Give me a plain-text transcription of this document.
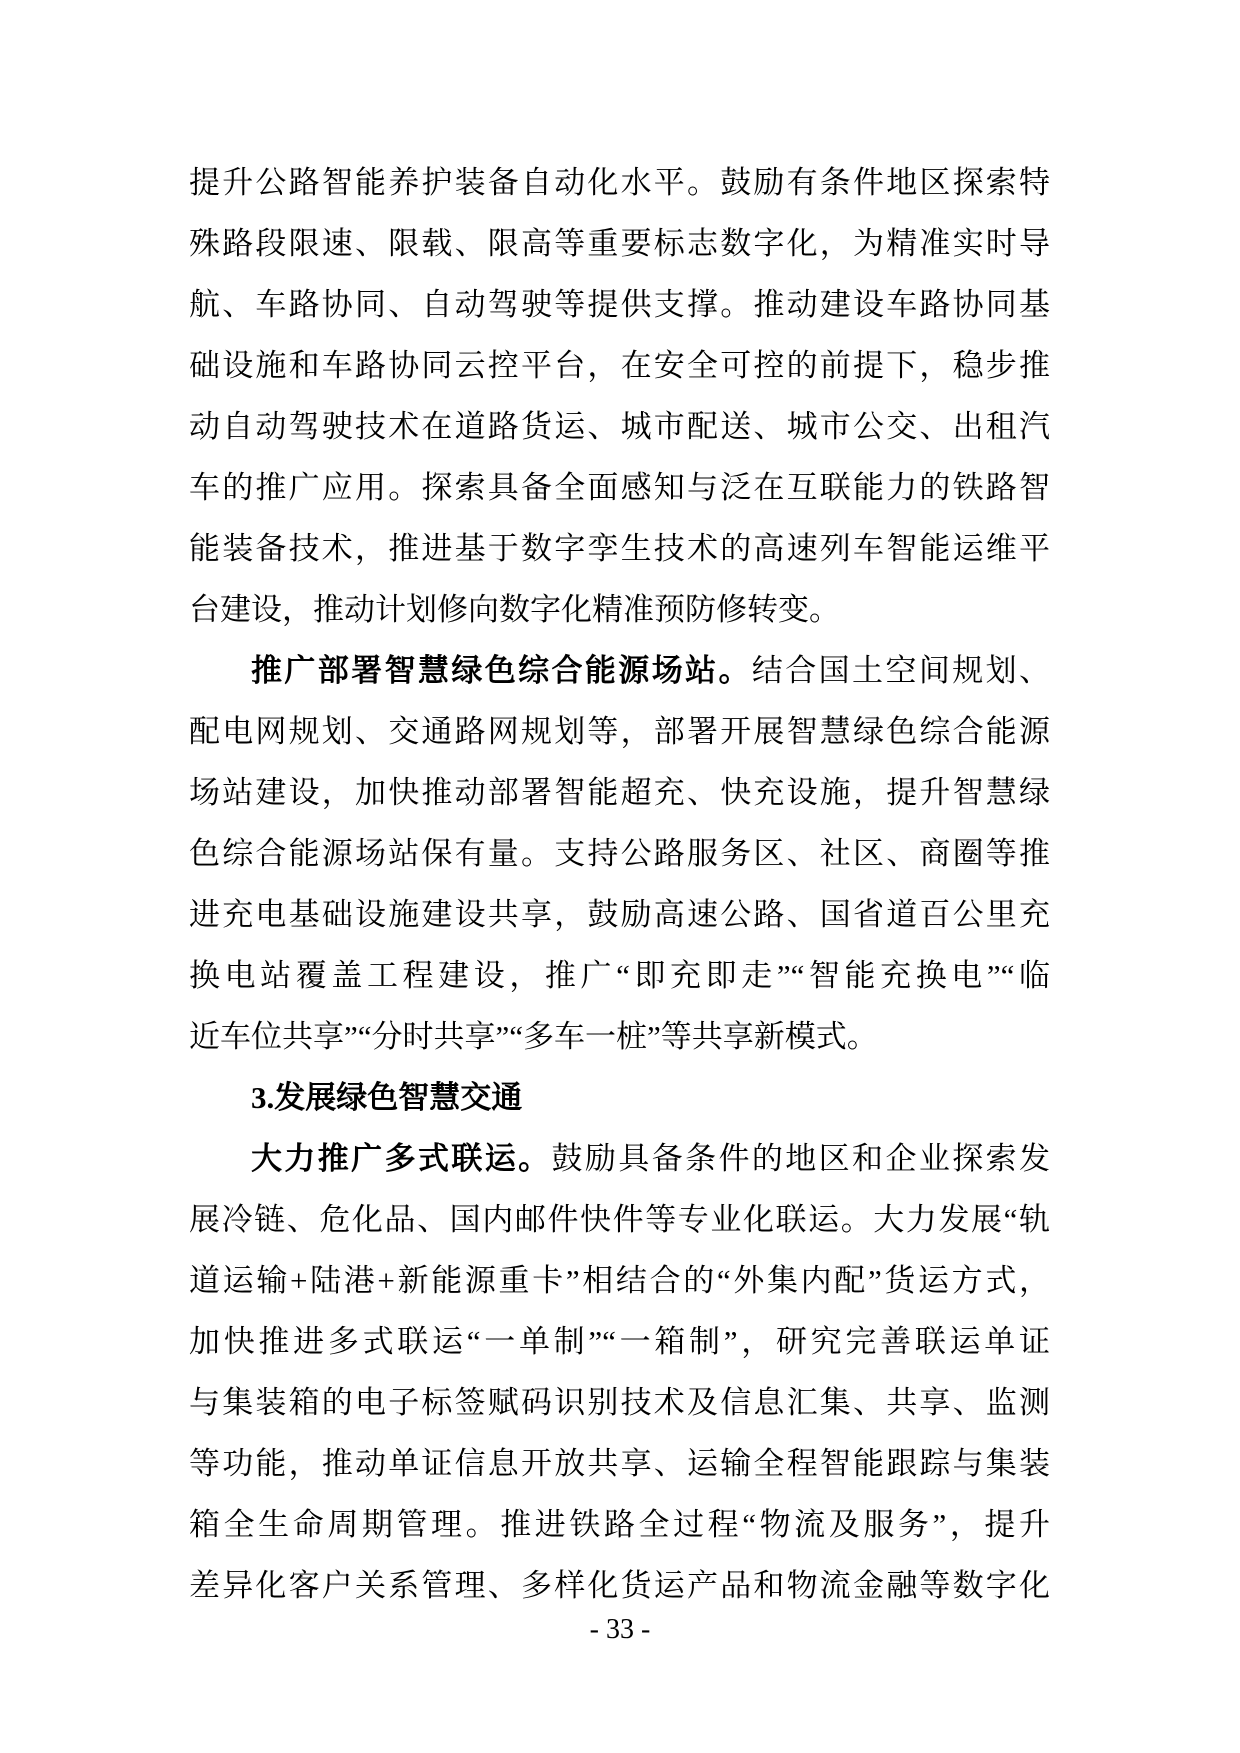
提升公路智能养护装备自动化水平。鼓励有条件地区探索特
殊路段限速、限载、限高等重要标志数字化，为精准实时导
航、车路协同、自动驾驶等提供支撑。推动建设车路协同基
础设施和车路协同云控平台，在安全可控的前提下，稳步推
动自动驾驶技术在道路货运、城市配送、城市公交、出租汽
车的推广应用。探索具备全面感知与泛在互联能力的铁路智
能装备技术，推进基于数字孪生技术的高速列车智能运维平
台建设，推动计划修向数字化精准预防修转变。
推广部署智慧绿色综合能源场站。结合国土空间规划、
配电网规划、交通路网规划等，部署开展智慧绿色综合能源
场站建设，加快推动部署智能超充、快充设施，提升智慧绿
色综合能源场站保有量。支持公路服务区、社区、商圈等推
进充电基础设施建设共享，鼓励高速公路、国省道百公里充
换电站覆盖工程建设，推广“即充即走”“智能充换电”“临
近车位共享”“分时共享”“多车一桩”等共享新模式。
3.发展绿色智慧交通
大力推广多式联运。鼓励具备条件的地区和企业探索发
展冷链、危化品、国内邮件快件等专业化联运。大力发展“轨
道运输+陆港+新能源重卡”相结合的“外集内配”货运方式，
加快推进多式联运“一单制”“一箱制”，研究完善联运单证
与集装箱的电子标签赋码识别技术及信息汇集、共享、监测
等功能，推动单证信息开放共享、运输全程智能跟踪与集装
箱全生命周期管理。推进铁路全过程“物流及服务”，提升
差异化客户关系管理、多样化货运产品和物流金融等数字化
- 33 -
